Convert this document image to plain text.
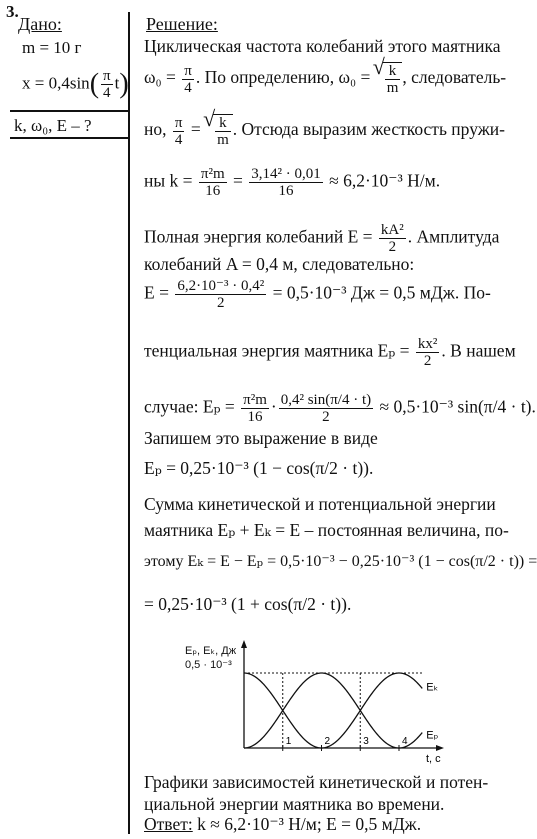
3.
Дано:
m = 10 г
$x = 0,4\sin( \frac{\pi}{4} t)$
k, ω₀, E – ?
Решение:
Циклическая частота колебаний этого маятника
$\omega_0 = \frac{\pi}{4}$ . По определению, ω₀ = √ $\frac{k}{m}$ , следователь-
но, $\frac{\pi}{4}$ = √ $\frac{k}{m}$ . Отсюда выразим жесткость пружи-
ны $k = \frac{\text{π²m}}{16} = \frac{\text{3,14² · 0,01}}{16} \approx 6,2\cdot 10^{-3}$ Н/м.
Полная энергия колебаний $E = \frac{\text{kA²}}{2}$ . Амплитуда
колебаний A = 0,4 м, следовательно:
$E = \frac{\text{6,2·10⁻³ · 0,4²}}{2} = 0,5\cdot 10^{-3}$ Дж = 0,5 мДж. По-
тенциальная энергия маятника $E_p = \frac{\text{kx²}}{2}$ . В нашем
случае: $E_p = \frac{\text{π²m}}{16} \cdot \frac{\text{0,4² sin(π/4 · t)}}{2} \approx 0,5\cdot 10^{-3}$ sin(π/4 · t).
Запишем это выражение в виде
Eₚ = 0,25·10⁻³ (1 − cos(π/2 · t)).
Сумма кинетической и потенциальной энергии
маятника Eₚ + Eₖ = E – постоянная величина, по-
этому Eₖ = E − Eₚ = 0,5·10⁻³ − 0,25·10⁻³ (1 − cos(π/2 · t)) =
= 0,25·10⁻³ (1 + cos(π/2 · t)).
1	2	3	4
t, c
Eₚ
Eₖ
Eₚ, Eₖ, Дж
0,5 · 10⁻³
Графики зависимостей кинетической и потен-
циальной энергии маятника во времени.
Ответ: k ≈ 6,2·10⁻³ Н/м; E = 0,5 мДж.
